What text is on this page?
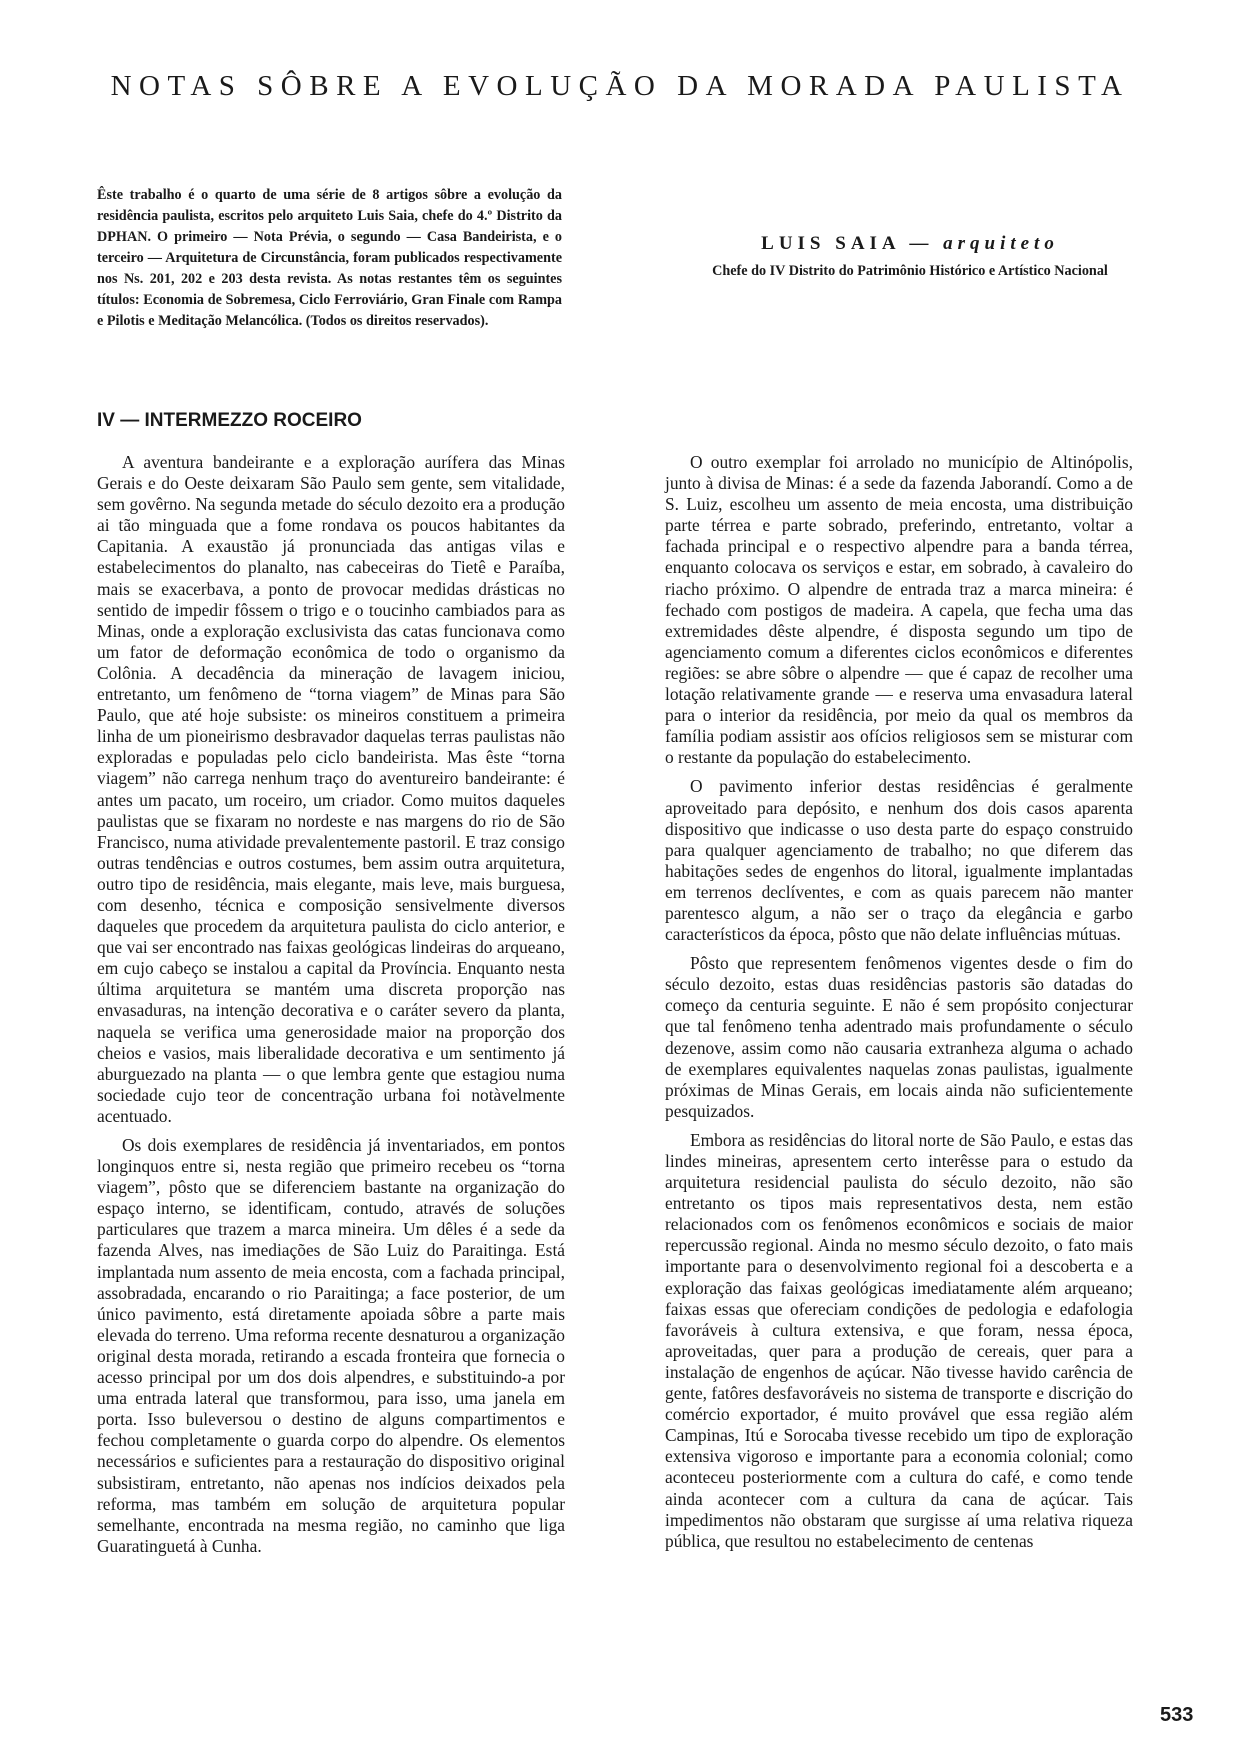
NOTAS SÔBRE A EVOLUÇÃO DA MORADA PAULISTA

Êste trabalho é o quarto de uma série de 8 artigos sôbre a evolução da residência paulista, escritos pelo arquiteto Luis Saia, chefe do 4.º Distrito da DPHAN. O primeiro — Nota Prévia, o segundo — Casa Bandeirista, e o terceiro — Arquitetura de Circunstância, foram publicados respectivamente nos Ns. 201, 202 e 203 desta revista. As notas restantes têm os seguintes títulos: Economia de Sobremesa, Ciclo Ferroviário, Gran Finale com Rampa e Pilotis e Meditação Melancólica. (Todos os direitos reservados).

LUIS SAIA — arquiteto
Chefe do IV Distrito do Patrimônio Histórico e Artístico Nacional
IV — INTERMEZZO ROCEIRO

A aventura bandeirante e a exploração aurífera das Minas Gerais e do Oeste deixaram São Paulo sem gente, sem vitalidade, sem govêrno. Na segunda metade do século dezoito era a produção ai tão minguada que a fome rondava os poucos habitantes da Capitania. A exaustão já pronunciada das antigas vilas e estabelecimentos do planalto, nas cabeceiras do Tietê e Paraíba, mais se exacerbava, a ponto de provocar medidas drásticas no sentido de impedir fôssem o trigo e o toucinho cambiados para as Minas, onde a exploração exclusivista das catas funcionava como um fator de deformação econômica de todo o organismo da Colônia. A decadência da mineração de lavagem iniciou, entretanto, um fenômeno de “torna viagem” de Minas para São Paulo, que até hoje subsiste: os mineiros constituem a primeira linha de um pioneirismo desbravador daquelas terras paulistas não exploradas e populadas pelo ciclo bandeirista. Mas êste “torna viagem” não carrega nenhum traço do aventureiro bandeirante: é antes um pacato, um roceiro, um criador. Como muitos daqueles paulistas que se fixaram no nordeste e nas margens do rio de São Francisco, numa atividade prevalentemente pastoril. E traz consigo outras tendências e outros costumes, bem assim outra arquitetura, outro tipo de residência, mais elegante, mais leve, mais burguesa, com desenho, técnica e composição sensivelmente diversos daqueles que procedem da arquitetura paulista do ciclo anterior, e que vai ser encontrado nas faixas geológicas lindeiras do arqueano, em cujo cabeço se instalou a capital da Província. Enquanto nesta última arquitetura se mantém uma discreta proporção nas envasaduras, na intenção decorativa e o caráter severo da planta, naquela se verifica uma generosidade maior na proporção dos cheios e vasios, mais liberalidade decorativa e um sentimento já aburguezado na planta — o que lembra gente que estagiou numa sociedade cujo teor de concentração urbana foi notàvelmente acentuado.

Os dois exemplares de residência já inventariados, em pontos longinquos entre si, nesta região que primeiro recebeu os “torna viagem”, pôsto que se diferenciem bastante na organização do espaço interno, se identificam, contudo, através de soluções particulares que trazem a marca mineira. Um dêles é a sede da fazenda Alves, nas imediações de São Luiz do Paraitinga. Está implantada num assento de meia encosta, com a fachada principal, assobradada, encarando o rio Paraitinga; a face posterior, de um único pavimento, está diretamente apoiada sôbre a parte mais elevada do terreno. Uma reforma recente desnaturou a organização original desta morada, retirando a escada fronteira que fornecia o acesso principal por um dos dois alpendres, e substituindo-a por uma entrada lateral que transformou, para isso, uma janela em porta. Isso buleversou o destino de alguns compartimentos e fechou completamente o guarda corpo do alpendre. Os elementos necessários e suficientes para a restauração do dispositivo original subsistiram, entretanto, não apenas nos indícios deixados pela reforma, mas também em solução de arquitetura popular semelhante, encontrada na mesma região, no caminho que liga Guaratinguetá à Cunha.

O outro exemplar foi arrolado no município de Altinópolis, junto à divisa de Minas: é a sede da fazenda Jaborandí. Como a de S. Luiz, escolheu um assento de meia encosta, uma distribuição parte térrea e parte sobrado, preferindo, entretanto, voltar a fachada principal e o respectivo alpendre para a banda térrea, enquanto colocava os serviços e estar, em sobrado, à cavaleiro do riacho próximo. O alpendre de entrada traz a marca mineira: é fechado com postigos de madeira. A capela, que fecha uma das extremidades dêste alpendre, é disposta segundo um tipo de agenciamento comum a diferentes ciclos econômicos e diferentes regiões: se abre sôbre o alpendre — que é capaz de recolher uma lotação relativamente grande — e reserva uma envasadura lateral para o interior da residência, por meio da qual os membros da família podiam assistir aos ofícios religiosos sem se misturar com o restante da população do estabelecimento.

O pavimento inferior destas residências é geralmente aproveitado para depósito, e nenhum dos dois casos aparenta dispositivo que indicasse o uso desta parte do espaço construido para qualquer agenciamento de trabalho; no que diferem das habitações sedes de engenhos do litoral, igualmente implantadas em terrenos declíventes, e com as quais parecem não manter parentesco algum, a não ser o traço da elegância e garbo característicos da época, pôsto que não delate influências mútuas.

Pôsto que representem fenômenos vigentes desde o fim do século dezoito, estas duas residências pastoris são datadas do começo da centuria seguinte. E não é sem propósito conjecturar que tal fenômeno tenha adentrado mais profundamente o século dezenove, assim como não causaria extranheza alguma o achado de exemplares equivalentes naquelas zonas paulistas, igualmente próximas de Minas Gerais, em locais ainda não suficientemente pesquizados.

Embora as residências do litoral norte de São Paulo, e estas das lindes mineiras, apresentem certo interêsse para o estudo da arquitetura residencial paulista do século dezoito, não são entretanto os tipos mais representativos desta, nem estão relacionados com os fenômenos econômicos e sociais de maior repercussão regional. Ainda no mesmo século dezoito, o fato mais importante para o desenvolvimento regional foi a descoberta e a exploração das faixas geológicas imediatamente além arqueano; faixas essas que ofereciam condições de pedologia e edafologia favoráveis à cultura extensiva, e que foram, nessa época, aproveitadas, quer para a produção de cereais, quer para a instalação de engenhos de açúcar. Não tivesse havido carência de gente, fatôres desfavoráveis no sistema de transporte e discrição do comércio exportador, é muito provável que essa região além Campinas, Itú e Sorocaba tivesse recebido um tipo de exploração extensiva vigoroso e importante para a economia colonial; como aconteceu posteriormente com a cultura do café, e como tende ainda acontecer com a cultura da cana de açúcar. Tais impedimentos não obstaram que surgisse aí uma relativa riqueza pública, que resultou no estabelecimento de centenas

533
